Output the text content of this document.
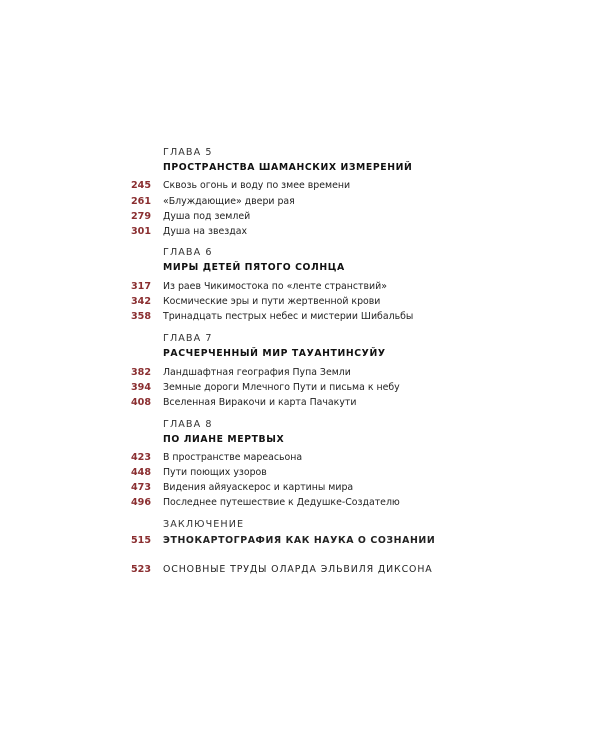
ГЛАВА 5
ПРОСТРАНСТВА ШАМАНСКИХ ИЗМЕРЕНИЙ
245 Сквозь огонь и воду по змее времени
261 «Блуждающие» двери рая
279 Душа под землей
301 Душа на звездах
ГЛАВА 6
МИРЫ ДЕТЕЙ ПЯТОГО СОЛНЦА
317 Из раев Чикимостока по «ленте странствий»
342 Космические эры и пути жертвенной крови
358 Тринадцать пестрых небес и мистерии Шибальбы
ГЛАВА 7
РАСЧЕРЧЕННЫЙ МИР ТАУАНТИНСУЙУ
382 Ландшафтная география Пупа Земли
394 Земные дороги Млечного Пути и письма к небу
408 Вселенная Виракочи и карта Пачакути
ГЛАВА 8
ПО ЛИАНЕ МЕРТВЫХ
423 В пространстве мареасьона
448 Пути поющих узоров
473 Видения айяуаскерос и картины мира
496 Последнее путешествие к Дедушке-Создателю
ЗАКЛЮЧЕНИЕ
515 ЭТНОКАРТОГРАФИЯ КАК НАУКА О СОЗНАНИИ
523 ОСНОВНЫЕ ТРУДЫ ОЛАРДА ЭЛЬВИЛЯ ДИКСОНА
